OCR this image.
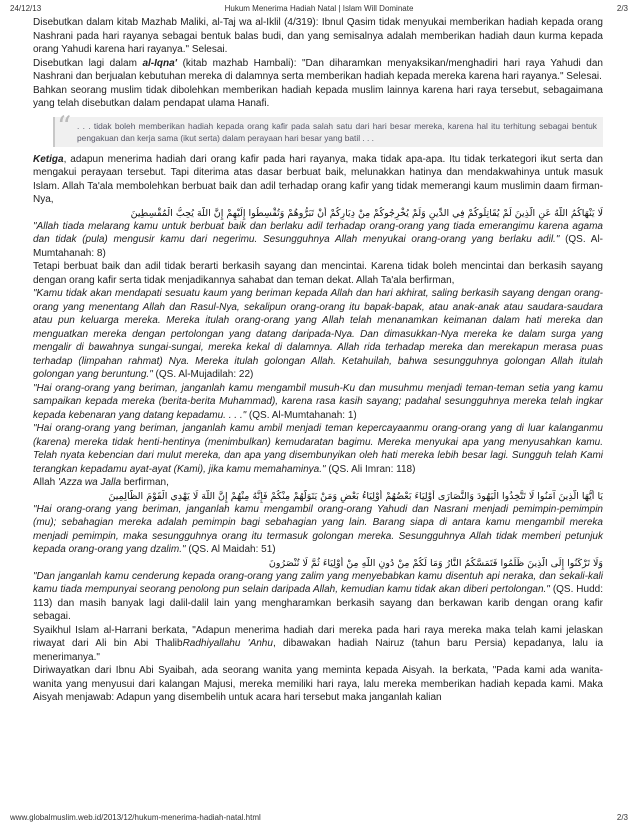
24/12/13	Hukum Menerima Hadiah Natal | Islam Will Dominate	2/3

Disebutkan dalam kitab Mazhab Maliki, al-Taj wa al-Iklil (4/319): Ibnul Qasim tidak menyukai memberikan hadiah kepada orang Nashrani pada hari rayanya sebagai bentuk balas budi, dan yang semisalnya adalah memberikan hadiah daun kurma kepada orang Yahudi karena hari rayanya." Selesai.

Disebutkan lagi dalam al-Iqna' (kitab mazhab Hambali): "Dan diharamkan menyaksikan/menghadiri hari raya Yahudi dan Nashrani dan berjualan kebutuhan mereka di dalamnya serta memberikan hadiah kepada mereka karena hari rayanya." Selesai.

Bahkan seorang muslim tidak dibolehkan memberikan hadiah kepada muslim lainnya karena hari raya tersebut, sebagaimana yang telah disebutkan dalam pendapat ulama Hanafi.

“ . . . tidak boleh memberikan hadiah kepada orang kafir pada salah satu dari hari besar mereka, karena hal itu terhitung sebagai bentuk pengakuan dan kerja sama (ikut serta) dalam perayaan hari besar yang batil . . .

Ketiga, adapun menerima hadiah dari orang kafir pada hari rayanya, maka tidak apa-apa. Itu tidak terkategori ikut serta dan mengakui perayaan tersebut. Tapi diterima atas dasar berbuat baik, melunakkan hatinya dan mendakwahinya untuk masuk Islam. Allah Ta'ala membolehkan berbuat baik dan adil terhadap orang kafir yang tidak memerangi kaum muslimin daam firman-Nya,

لَا يَنْهَاكُمُ اللَّهُ عَنِ الَّذِينَ لَمْ يُقَاتِلُوكُمْ فِي الدِّينِ وَلَمْ يُخْرِجُوكُمْ مِنْ دِيَارِكُمْ أَنْ تَبَرُّوهُمْ وَتُقْسِطُوا إِلَيْهِمْ إِنَّ اللَّهَ يُحِبُّ الْمُقْسِطِينَ

"Allah tiada melarang kamu untuk berbuat baik dan berlaku adil terhadap orang-orang yang tiada emerangimu karena agama dan tidak (pula) mengusir kamu dari negerimu. Sesungguhnya Allah menyukai orang-orang yang berlaku adil." (QS. Al-Mumtahanah: 8)

Tetapi berbuat baik dan adil tidak berarti berkasih sayang dan mencintai. Karena tidak boleh mencintai dan berkasih sayang dengan orang kafir serta tidak menjadikannya sahabat dan teman dekat. Allah Ta'ala berfirman,

"Kamu tidak akan mendapati sesuatu kaum yang beriman kepada Allah dan hari akhirat, saling berkasih sayang dengan orang-orang yang menentang Allah dan Rasul-Nya, sekalipun orang-orang itu bapak-bapak, atau anak-anak atau saudara-saudara atau pun keluarga mereka. Mereka itulah orang-orang yang Allah telah menanamkan keimanan dalam hati mereka dan menguatkan mereka dengan pertolongan yang datang daripada-Nya. Dan dimasukkan-Nya mereka ke dalam surga yang mengalir di bawahnya sungai-sungai, mereka kekal di dalamnya. Allah rida terhadap mereka dan merekapun merasa puas terhadap (limpahan rahmat) Nya. Mereka itulah golongan Allah. Ketahuilah, bahwa sesungguhnya golongan Allah itulah golongan yang beruntung." (QS. Al-Mujadilah: 22)

"Hai orang-orang yang beriman, janganlah kamu mengambil musuh-Ku dan musuhmu menjadi teman-teman setia yang kamu sampaikan kepada mereka (berita-berita Muhammad), karena rasa kasih sayang; padahal sesungguhnya mereka telah ingkar kepada kebenaran yang datang kepadamu. . . ." (QS. Al-Mumtahanah: 1)

"Hai orang-orang yang beriman, janganlah kamu ambil menjadi teman kepercayaanmu orang-orang yang di luar kalanganmu (karena) mereka tidak henti-hentinya (menimbulkan) kemudaratan bagimu. Mereka menyukai apa yang menyusahkan kamu. Telah nyata kebencian dari mulut mereka, dan apa yang disembunyikan oleh hati mereka lebih besar lagi. Sungguh telah Kami terangkan kepadamu ayat-ayat (Kami), jika kamu memahaminya." (QS. Ali Imran: 118)

Allah 'Azza wa Jalla berfirman,

يَا أَيُّهَا الَّذِينَ آمَنُوا لَا تَتَّخِذُوا الْيَهُودَ وَالنَّصَارَى أَوْلِيَاءَ بَعْضُهُمْ أَوْلِيَاءُ بَعْضٍ وَمَنْ يَتَوَلَّهُمْ مِنْكُمْ فَإِنَّهُ مِنْهُمْ إِنَّ اللَّهَ لَا يَهْدِي الْقَوْمَ الظَّالِمِينَ

"Hai orang-orang yang beriman, janganlah kamu mengambil orang-orang Yahudi dan Nasrani menjadi pemimpin-pemimpin (mu); sebahagian mereka adalah pemimpin bagi sebahagian yang lain. Barang siapa di antara kamu mengambil mereka menjadi pemimpin, maka sesungguhnya orang itu termasuk golongan mereka. Sesungguhnya Allah tidak memberi petunjuk kepada orang-orang yang dzalim." (QS. Al Maidah: 51)

وَلَا تَرْكَنُوا إِلَى الَّذِينَ ظَلَمُوا فَتَمَسَّكُمُ النَّارُ وَمَا لَكُمْ مِنْ دُونِ اللَّهِ مِنْ أَوْلِيَاءَ ثُمَّ لَا تُنْصَرُونَ

"Dan janganlah kamu cenderung kepada orang-orang yang zalim yang menyebabkan kamu disentuh api neraka, dan sekali-kali kamu tiada mempunyai seorang penolong pun selain daripada Allah, kemudian kamu tidak akan diberi pertolongan." (QS. Hudd: 113) dan masih banyak lagi dalil-dalil lain yang mengharamkan berkasih sayang dan berkawan karib dengan orang kafir sebagai.

Syaikhul Islam al-Harrani berkata, "Adapun menerima hadiah dari mereka pada hari raya mereka maka telah kami jelaskan riwayat dari Ali bin Abi ThalibRadhiyallahu 'Anhu, dibawakan hadiah Nairuz (tahun baru Persia) kepadanya, lalu ia menerimanya."

Diriwayatkan dari Ibnu Abi Syaibah, ada seorang wanita yang meminta kepada Aisyah. Ia berkata, "Pada kami ada wanita-wanita yang menyusui dari kalangan Majusi, mereka memiliki hari raya, lalu mereka memberikan hadiah kepada kami. Maka Aisyah menjawab: Adapun yang disembelih untuk acara hari tersebut maka janganlah kalian

www.globalmuslim.web.id/2013/12/hukum-menerima-hadiah-natal.html	2/3
